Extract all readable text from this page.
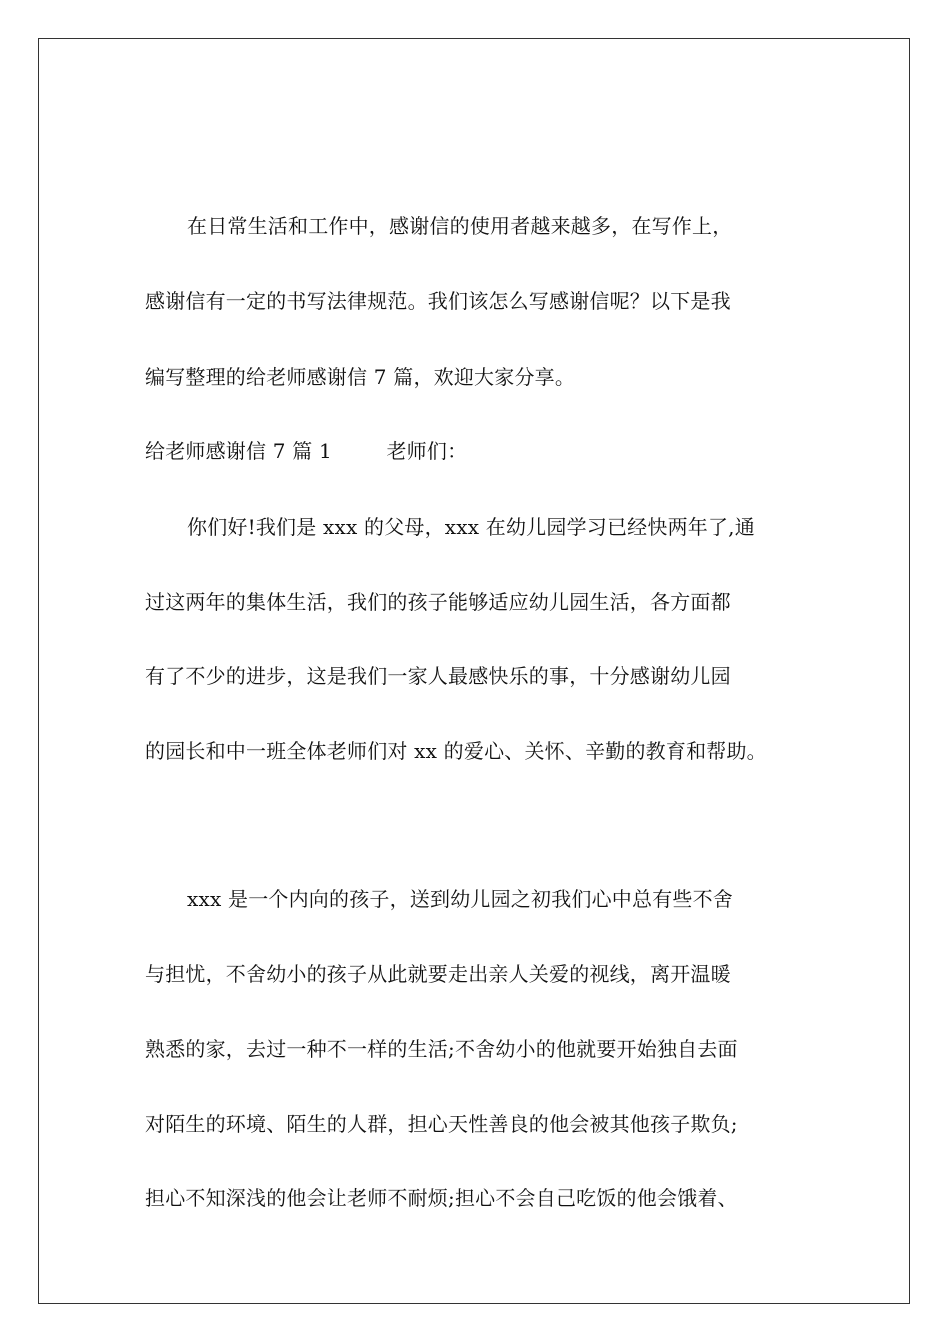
在日常生活和工作中，感谢信的使用者越来越多，在写作上，
感谢信有一定的书写法律规范。我们该怎么写感谢信呢？以下是我
编写整理的给老师感谢信 7 篇，欢迎大家分享。
给老师感谢信 7 篇 1	老师们：
你们好!我们是 xxx 的父母，xxx 在幼儿园学习已经快两年了,通
过这两年的集体生活，我们的孩子能够适应幼儿园生活，各方面都
有了不少的进步，这是我们一家人最感快乐的事，十分感谢幼儿园
的园长和中一班全体老师们对 xx 的爱心、关怀、辛勤的教育和帮助。
xxx 是一个内向的孩子，送到幼儿园之初我们心中总有些不舍
与担忧，不舍幼小的孩子从此就要走出亲人关爱的视线，离开温暖
熟悉的家，去过一种不一样的生活;不舍幼小的他就要开始独自去面
对陌生的环境、陌生的人群，担心天性善良的他会被其他孩子欺负;
担心不知深浅的他会让老师不耐烦;担心不会自己吃饭的他会饿着、
